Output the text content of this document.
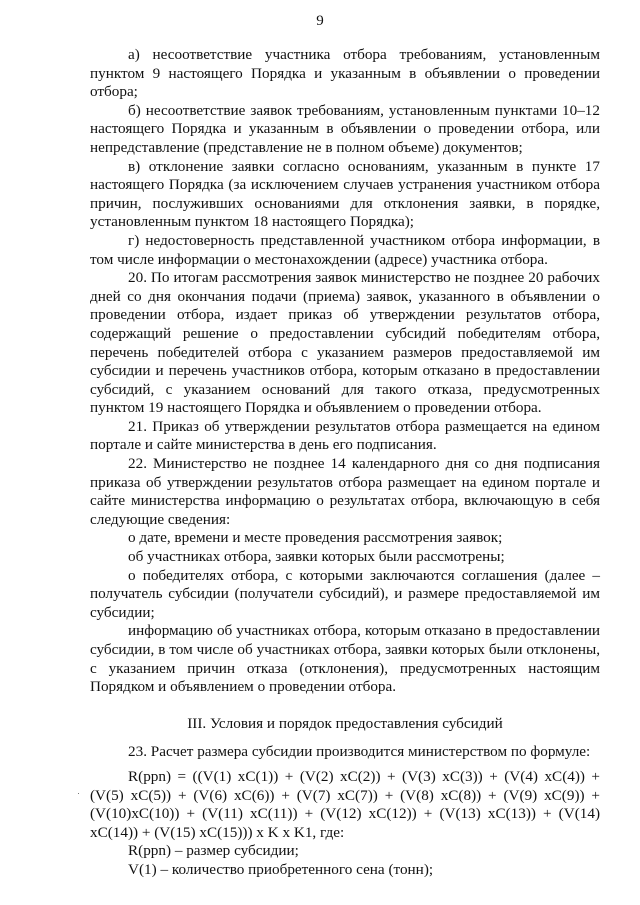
9

а) несоответствие участника отбора требованиям, установленным пунктом 9 настоящего Порядка и указанным в объявлении о проведении отбора;

б) несоответствие заявок требованиям, установленным пунктами 10–12 настоящего Порядка и указанным в объявлении о проведении отбора, или непредставление (представление не в полном объеме) документов;

в) отклонение заявки согласно основаниям, указанным в пункте 17 настоящего Порядка (за исключением случаев устранения участником отбора причин, послуживших основаниями для отклонения заявки, в порядке, установленным пунктом 18 настоящего Порядка);

г) недостоверность представленной участником отбора информации, в том числе информации о местонахождении (адресе) участника отбора.

20. По итогам рассмотрения заявок министерство не позднее 20 рабочих дней со дня окончания подачи (приема) заявок, указанного в объявлении о проведении отбора, издает приказ об утверждении результатов отбора, содержащий решение о предоставлении субсидий победителям отбора, перечень победителей отбора с указанием размеров предоставляемой им субсидии и перечень участников отбора, которым отказано в предоставлении субсидий, с указанием оснований для такого отказа, предусмотренных пунктом 19 настоящего Порядка и объявлением о проведении отбора.

21. Приказ об утверждении результатов отбора размещается на едином портале и сайте министерства в день его подписания.

22. Министерство не позднее 14 календарного дня со дня подписания приказа об утверждении результатов отбора размещает на едином портале и сайте министерства информацию о результатах отбора, включающую в себя следующие сведения:

о дате, времени и месте проведения рассмотрения заявок;

об участниках отбора, заявки которых были рассмотрены;

о победителях отбора, с которыми заключаются соглашения (далее – получатель субсидии (получатели субсидий), и размере предоставляемой им субсидии;

информацию об участниках отбора, которым отказано в предоставлении субсидии, в том числе об участниках отбора, заявки которых были отклонены, с указанием причин отказа (отклонения), предусмотренных настоящим Порядком и объявлением о проведении отбора.

III. Условия и порядок предоставления субсидий

23. Расчет размера субсидии производится министерством по формуле:

R(ppn) = ((V(1) xC(1)) + (V(2) xC(2)) + (V(3) xC(3)) + (V(4) xC(4)) + (V(5) xC(5)) + (V(6) xC(6)) + (V(7) xC(7)) + (V(8) xC(8)) + (V(9) xC(9)) + (V(10)xC(10)) + (V(11) xC(11)) + (V(12) xC(12)) + (V(13) xC(13)) + (V(14) xC(14)) + (V(15) xC(15))) x K x K1, где:

R(ppn) – размер субсидии;

V(1) – количество приобретенного сена (тонн);
